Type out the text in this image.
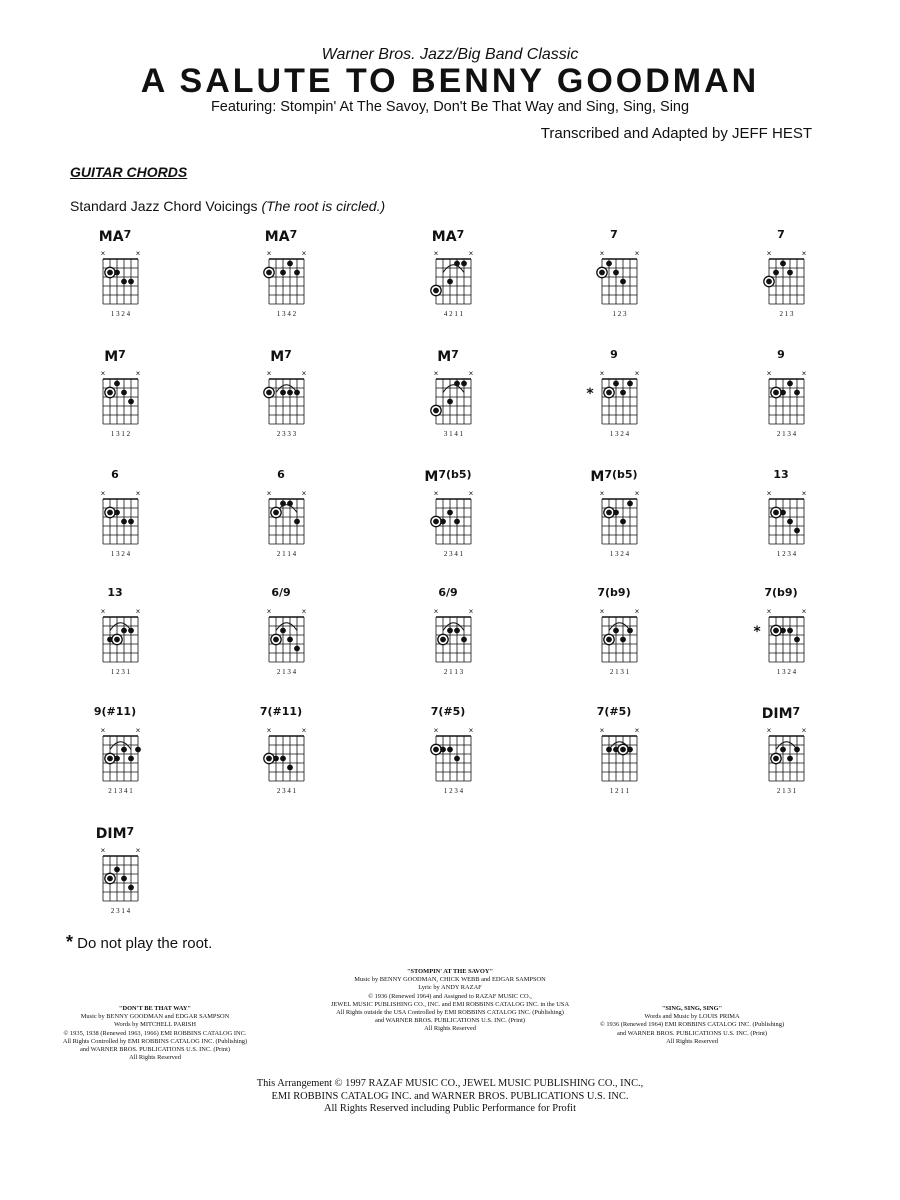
Warner Bros. Jazz/Big Band Classic
A SALUTE TO BENNY GOODMAN
Featuring: Stompin' At The Savoy, Don't Be That Way and Sing, Sing, Sing
Transcribed and Adapted by JEFF HEST
GUITAR CHORDS
Standard Jazz Chord Voicings (The root is circled.)
MA7
×	×
1 3 2 4
MA7
×	×
1 3 4 2
MA7
×	×
4 2 1 1
7
×	×
1 2 3
7
×	×
2 1 3
M7
×	×
1 3 1 2
M7
×	×
2 3 3 3
M7
×	×
3 1 4 1
9
×	×
*
1 3 2 4
9
×	×
2 1 3 4
6
×	×
1 3 2 4
6
×	×
2 1 1 4
M7(b5)
×	×
2 3 4 1
M7(b5)
×	×
1 3 2 4
13
×	×
1 2 3 4
13
×	×
1 2 3 1
6/9
×	×
2 1 3 4
6/9
×	×
2 1 1 3
7(b9)
×	×
2 1 3 1
7(b9)
×	×
*
1 3 2 4
9(#11)
×	×
2 1 3 4 1
7(#11)
×	×
2 3 4 1
7(#5)
×	×
1 2 3 4
7(#5)
×	×
1 2 1 1
DIM7
×	×
2 1 3 1
DIM7
×	×
2 3 1 4
* Do not play the root.
"STOMPIN' AT THE SAVOY"
Music by BENNY GOODMAN, CHICK WEBB and EDGAR SAMPSON
Lyric by ANDY RAZAF
© 1936 (Renewed 1964) and Assigned to RAZAF MUSIC CO.,
JEWEL MUSIC PUBLISHING CO., INC. and EMI ROBBINS CATALOG INC. in the USA
All Rights outside the USA Controlled by EMI ROBBINS CATALOG INC. (Publishing)
and WARNER BROS. PUBLICATIONS U.S. INC. (Print)
All Rights Reserved
"DON'T BE THAT WAY"
Music by BENNY GOODMAN and EDGAR SAMPSON
Words by MITCHELL PARISH
© 1935, 1938 (Renewed 1963, 1966) EMI ROBBINS CATALOG INC.
All Rights Controlled by EMI ROBBINS CATALOG INC. (Publishing)
and WARNER BROS. PUBLICATIONS U.S. INC. (Print)
All Rights Reserved
"SING, SING, SING"
Words and Music by LOUIS PRIMA
© 1936 (Renewed 1964) EMI ROBBINS CATALOG INC. (Publishing)
and WARNER BROS. PUBLICATIONS U.S. INC. (Print)
All Rights Reserved
This Arrangement © 1997 RAZAF MUSIC CO., JEWEL MUSIC PUBLISHING CO., INC.,
EMI ROBBINS CATALOG INC. and WARNER BROS. PUBLICATIONS U.S. INC.
All Rights Reserved including Public Performance for Profit
